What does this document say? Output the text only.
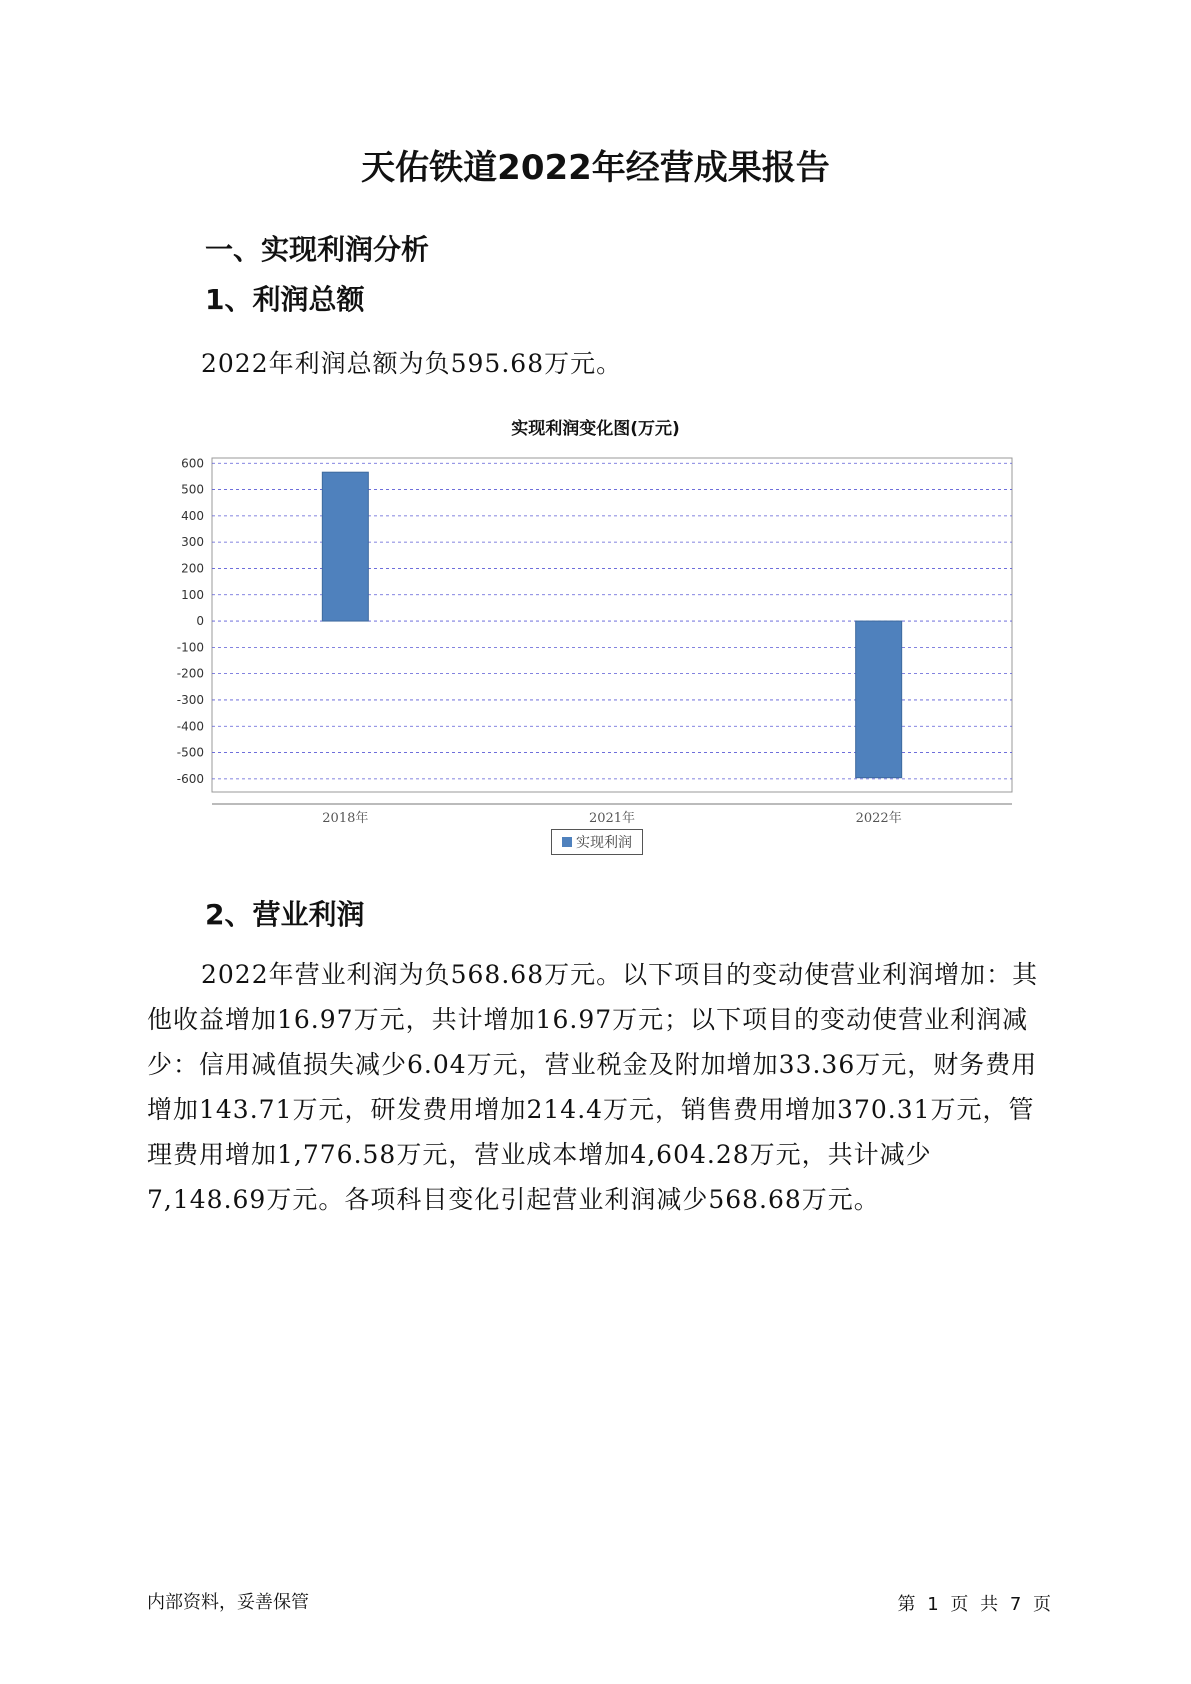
天佑铁道2022年经营成果报告
一、实现利润分析
1、利润总额
2022年利润总额为负595.68万元。
实现利润变化图(万元)
600
500
400
300
200
100
0
-100
-200
-300
-400
-500
-600
2018年	2021年	2022年
实现利润
2、营业利润
2022年营业利润为负568.68万元。以下项目的变动使营业利润增加：其他收益增加16.97万元，共计增加16.97万元；以下项目的变动使营业利润减少：信用减值损失减少6.04万元，营业税金及附加增加33.36万元，财务费用增加143.71万元，研发费用增加214.4万元，销售费用增加370.31万元，管理费用增加1,776.58万元，营业成本增加4,604.28万元，共计减少7,148.69万元。各项科目变化引起营业利润减少568.68万元。
内部资料，妥善保管	第 1 页 共 7 页
